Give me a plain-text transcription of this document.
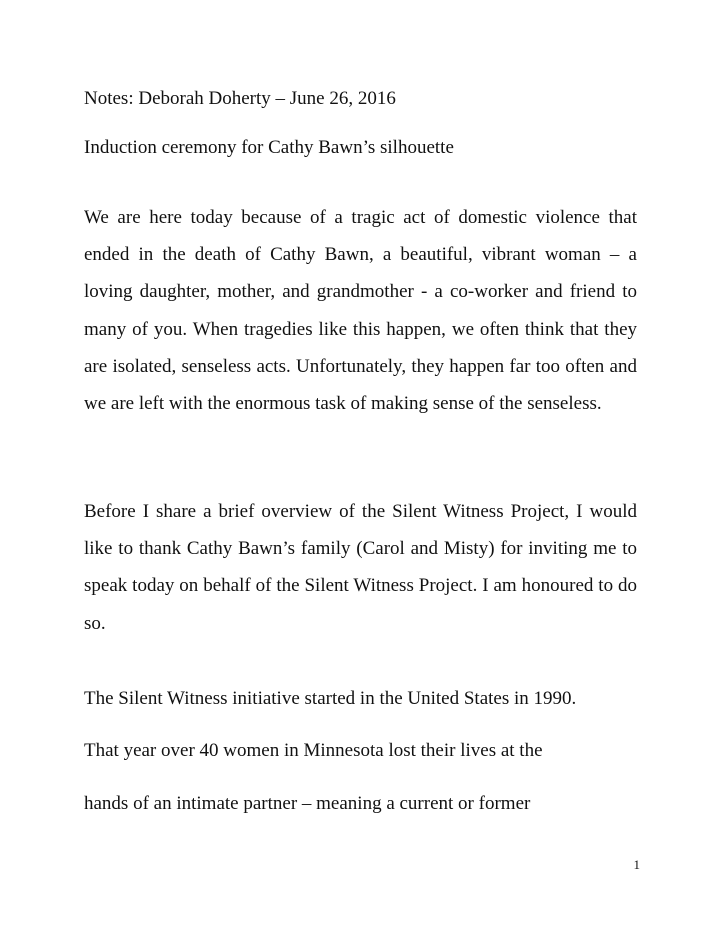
Notes: Deborah Doherty – June 26, 2016
Induction ceremony for Cathy Bawn’s silhouette

We are here today because of a tragic act of domestic violence that ended in the death of Cathy Bawn, a beautiful, vibrant woman – a loving daughter, mother, and grandmother - a co-worker and friend to many of you. When tragedies like this happen, we often think that they are isolated, senseless acts. Unfortunately, they happen far too often and we are left with the enormous task of making sense of the senseless.

Before I share a brief overview of the Silent Witness Project, I would like to thank Cathy Bawn’s family (Carol and Misty) for inviting me to speak today on behalf of the Silent Witness Project. I am honoured to do so.

The Silent Witness initiative started in the United States in 1990.
That year over 40 women in Minnesota lost their lives at the
hands of an intimate partner – meaning a current or former
1
